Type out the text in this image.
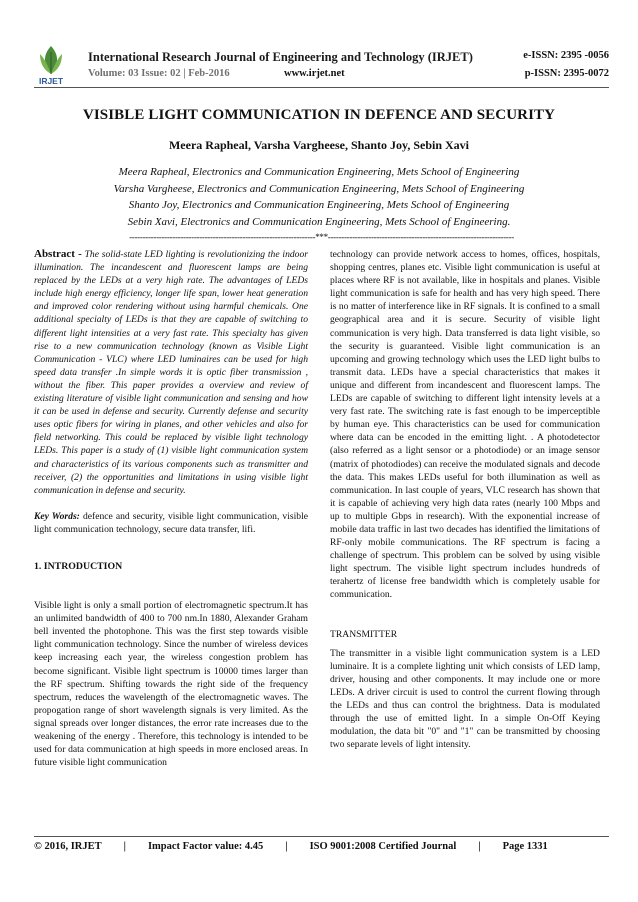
IRJET
International Research Journal of Engineering and Technology (IRJET)	e-ISSN: 2395 -0056
Volume: 03 Issue: 02 | Feb-2016	www.irjet.net	p-ISSN: 2395-0072
VISIBLE LIGHT COMMUNICATION IN DEFENCE AND SECURITY
Meera Rapheal, Varsha Vargheese, Shanto Joy, Sebin Xavi
Meera Rapheal, Electronics and Communication Engineering, Mets School of Engineering
Varsha Vargheese, Electronics and Communication Engineering, Mets School of Engineering
Shanto Joy, Electronics and Communication Engineering, Mets School of Engineering
Sebin Xavi, Electronics and Communication Engineering, Mets School of Engineering.
---------------------------------------------------------------------***---------------------------------------------------------------------

Abstract - The solid-state LED lighting is revolutionizing the indoor illumination. The incandescent and fluorescent lamps are being replaced by the LEDs at a very high rate. The advantages of LEDs include high energy efficiency, longer life span, lower heat generation and improved color rendering without using harmful chemicals. One additional specialty of LEDs is that they are capable of switching to different light intensities at a very fast rate. This specialty has given rise to a new communication technology (known as Visible Light Communication - VLC) where LED luminaires can be used for high speed data transfer .In simple words it is optic fiber transmission , without the fiber. This paper provides a overview and review of existing literature of visible light communication and sensing and how it can be used in defense and security. Currently defense and security uses optic fibers for wiring in planes, and other vehicles and also for field networking. This could be replaced by visible light technology LEDs. This paper is a study of (1) visible light communication system and characteristics of its various components such as transmitter and receiver, (2) the opportunities and limitations in using visible light communication in defense and security.

Key Words: defence and security, visible light communication, visible light communication technology, secure data transfer, lifi.

1. INTRODUCTION

Visible light is only a small portion of electromagnetic spectrum.It has an unlimited bandwidth of 400 to 700 nm.In 1880, Alexander Graham bell invented the photophone. This was the first step towards visible light communication technology. Since the number of wireless devices keep increasing each year, the wireless congestion problem has become significant. Visible light spectrum is 10000 times larger than the RF spectrum. Shifting towards the right side of the frequency spectrum, reduces the wavelength of the electromagnetic waves. The propogation range of short wavelength signals is very limited. As the signal spreads over longer distances, the error rate increases due to the weakening of the energy . Therefore, this technology is intended to be used for data communication at high speeds in more enclosed areas. In future visible light communication

technology can provide network access to homes, offices, hospitals, shopping centres, planes etc. Visible light communication is useful at places where RF is not available, like in hospitals and planes. Visible light communication is safe for health and has very high speed. There is no matter of interference like in RF signals. It is confined to a small geographical area and it is secure. Security of visible light communication is very high. Data transferred is data light visible, so the security is guaranteed. Visible light communication is an upcoming and growing technology which uses the LED light bulbs to transmit data. LEDs have a special characteristics that makes it unique and different from incandescent and fluorescent lamps. The LEDs are capable of switching to different light intensity levels at a very fast rate. The switching rate is fast enough to be imperceptible by human eye. This characteristics can be used for communication where data can be encoded in the emitting light. . A photodetector (also referred as a light sensor or a photodiode) or an image sensor (matrix of photodiodes) can receive the modulated signals and decode the data. This makes LEDs useful for both illumination as well as communication. In last couple of years, VLC research has shown that it is capable of achieving very high data rates (nearly 100 Mbps and up to multiple Gbps in research). With the exponential increase of mobile data traffic in last two decades has identified the limitations of RF-only mobile communications. The RF spectrum is facing a challenge of spectrum. This problem can be solved by using visible light spectrum. The visible light spectrum includes hundreds of terahertz of license free bandwidth which is completely usable for communication.

TRANSMITTER

The transmitter in a visible light communication system is a LED luminaire. It is a complete lighting unit which consists of LED lamp, driver, housing and other components. It may include one or more LEDs. A driver circuit is used to control the current flowing through the LEDs and thus can control the brightness. Data is modulated through the use of emitted light. In a simple On-Off Keying modulation, the data bit "0" and "1" can be transmitted by choosing two separate levels of light intensity.

© 2016, IRJET | Impact Factor value: 4.45 | ISO 9001:2008 Certified Journal | Page 1331
